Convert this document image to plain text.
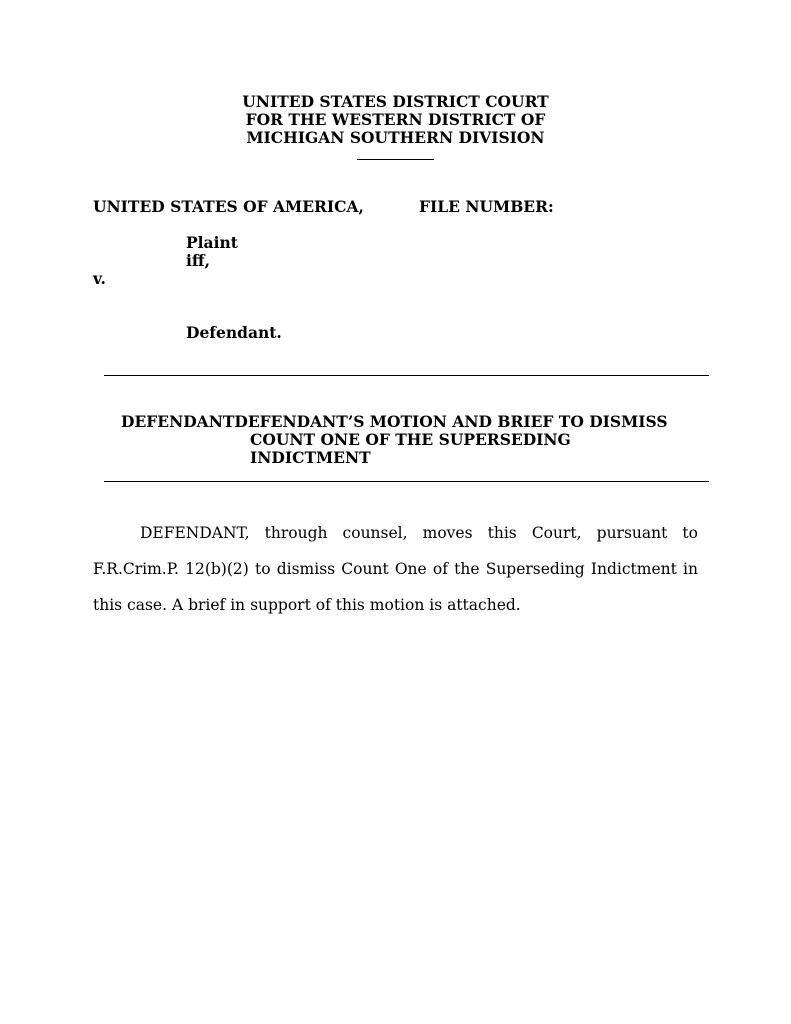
UNITED STATES DISTRICT COURT
FOR THE WESTERN DISTRICT OF
MICHIGAN SOUTHERN DIVISION
UNITED STATES OF AMERICA,	FILE NUMBER:
Plaint
iff,
v.
Defendant.
DEFENDANTDEFENDANT’S MOTION AND BRIEF TO DISMISS
COUNT ONE OF THE SUPERSEDING
INDICTMENT
DEFENDANT, through counsel, moves this Court, pursuant to F.R.Crim.P. 12(b)(2) to dismiss Count One of the Superseding Indictment in this case. A brief in support of this motion is attached.
